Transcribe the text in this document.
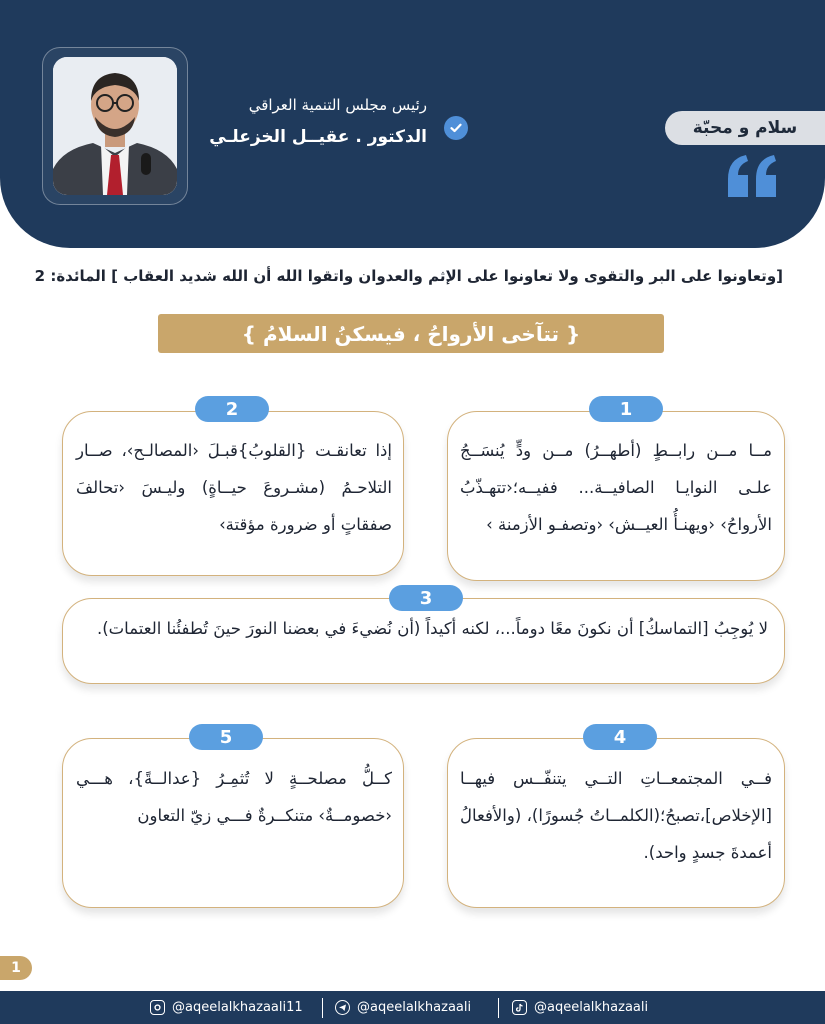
رئيس مجلس التنمية العراقي
الدكتور . عقيــل الخزعلـي	سلام و محبّة
[وتعاونوا على البر والتقوى ولا تعاونوا على الإثم والعدوان واتقوا الله أن الله شديد العقاب ] المائدة: 2
{ تتآخى الأرواحُ ، فيسكنُ السلامُ }
1
مــا مــن رابــطٍ (أطهــرُ) مــن ودٍّ يُنسَــجُ علـى النوايـا الصافيــة... ففيــه؛‹تتهـذّبُ الأرواحُ› ‹ويهنـأُ العيــش› ‹وتصفـو الأزمنة ›
2
إذا تعانقـت {القلوبُ}قبـلَ ‹المصالـح›، صــار التلاحـمُ (مشـروعَ حيــاةٍ) وليـسَ ‹تحالفَ صفقاتٍ أو ضرورة مؤقتة›
3
لا يُوجِبُ [التماسكُ] أن نكونَ معًا دوماً...، لكنه أكيداً (أن نُضيءَ في بعضنا النورَ حينَ تُطفئُنا العتمات).
4
فــي المجتمعــاتِ التــي يتنفّــس فيهــا [الإخلاص]،تصبحُ؛(الكلمــاتُ جُسورًا)، (والأفعالُ أعمدةَ جسدٍ واحد).
5
كــلُّ مصلحــةٍ لا تُثمِـرُ {عدالــةً}، هـــي ‹خصومــةٌ› متنكــرةٌ فـــي زيّ التعاون
1
@aqeelalkhazaali11	@aqeelalkhazaali	@aqeelalkhazaali
